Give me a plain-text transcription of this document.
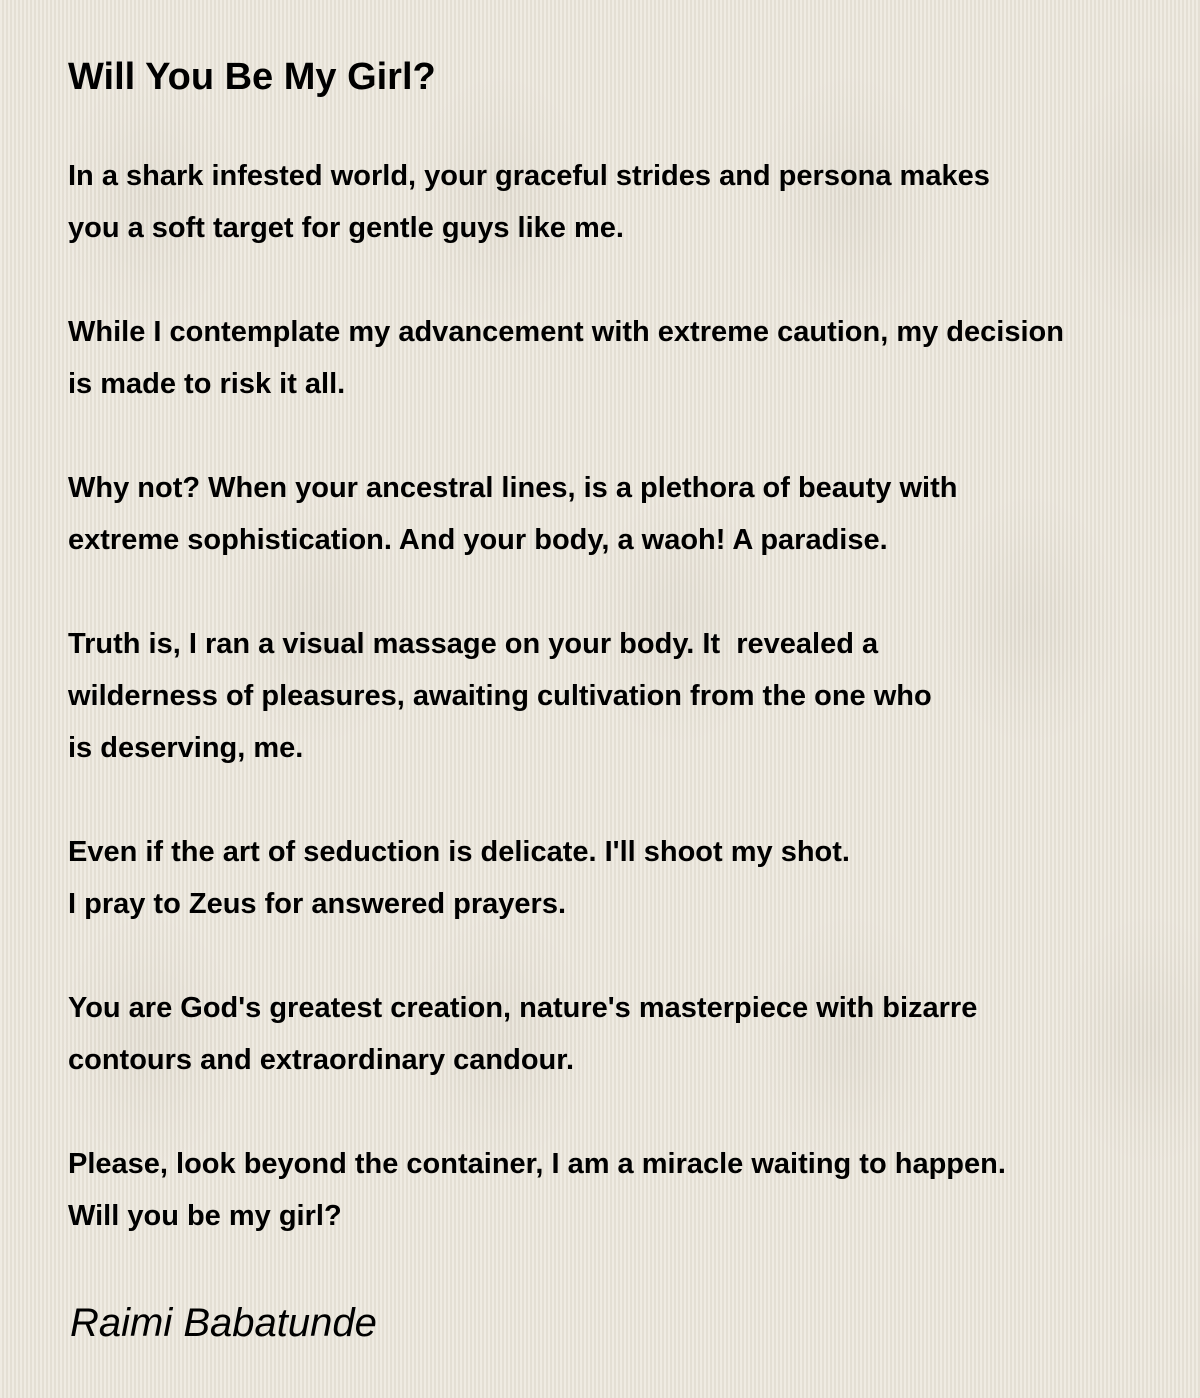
Will You Be My Girl?

In a shark infested world, your graceful strides and persona makes
you a soft target for gentle guys like me.

While I contemplate my advancement with extreme caution, my decision
is made to risk it all.

Why not? When your ancestral lines, is a plethora of beauty with
extreme sophistication. And your body, a waoh! A paradise.

Truth is, I ran a visual massage on your body. It  revealed a
wilderness of pleasures, awaiting cultivation from the one who
is deserving, me.

Even if the art of seduction is delicate. I'll shoot my shot.
I pray to Zeus for answered prayers.

You are God's greatest creation, nature's masterpiece with bizarre
contours and extraordinary candour.

Please, look beyond the container, I am a miracle waiting to happen.
Will you be my girl?

Raimi Babatunde
